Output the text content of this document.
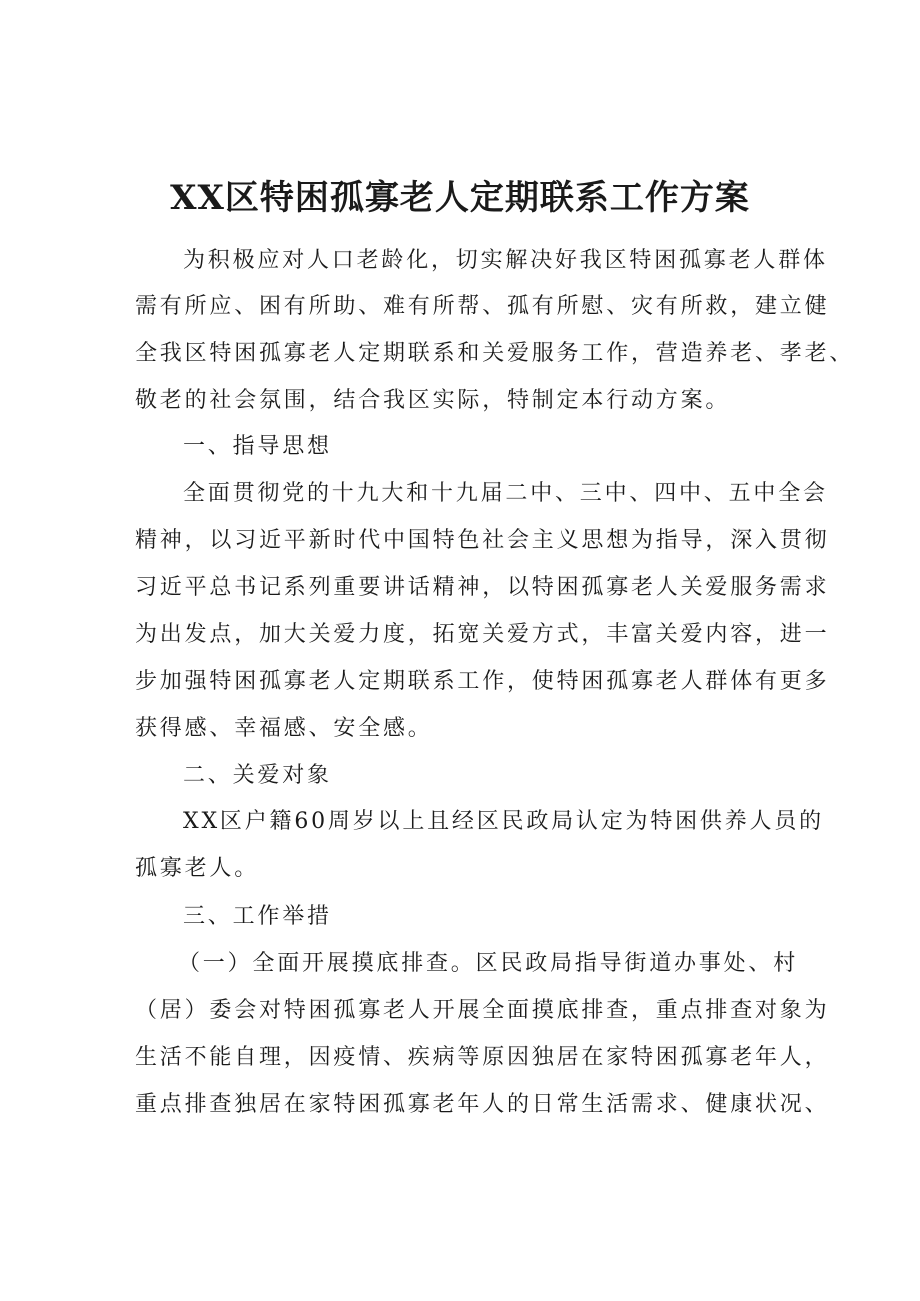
XX区特困孤寡老人定期联系工作方案
为积极应对人口老龄化，切实解决好我区特困孤寡老人群体
需有所应、困有所助、难有所帮、孤有所慰、灾有所救，建立健
全我区特困孤寡老人定期联系和关爱服务工作，营造养老、孝老、
敬老的社会氛围，结合我区实际，特制定本行动方案。
一、指导思想
全面贯彻党的十九大和十九届二中、三中、四中、五中全会
精神，以习近平新时代中国特色社会主义思想为指导，深入贯彻
习近平总书记系列重要讲话精神，以特困孤寡老人关爱服务需求
为出发点，加大关爱力度，拓宽关爱方式，丰富关爱内容，进一
步加强特困孤寡老人定期联系工作，使特困孤寡老人群体有更多
获得感、幸福感、安全感。
二、关爱对象
XX区户籍60周岁以上且经区民政局认定为特困供养人员的
孤寡老人。
三、工作举措
（一）全面开展摸底排查。区民政局指导街道办事处、村
（居）委会对特困孤寡老人开展全面摸底排查，重点排查对象为
生活不能自理，因疫情、疾病等原因独居在家特困孤寡老年人，
重点排查独居在家特困孤寡老年人的日常生活需求、健康状况、
